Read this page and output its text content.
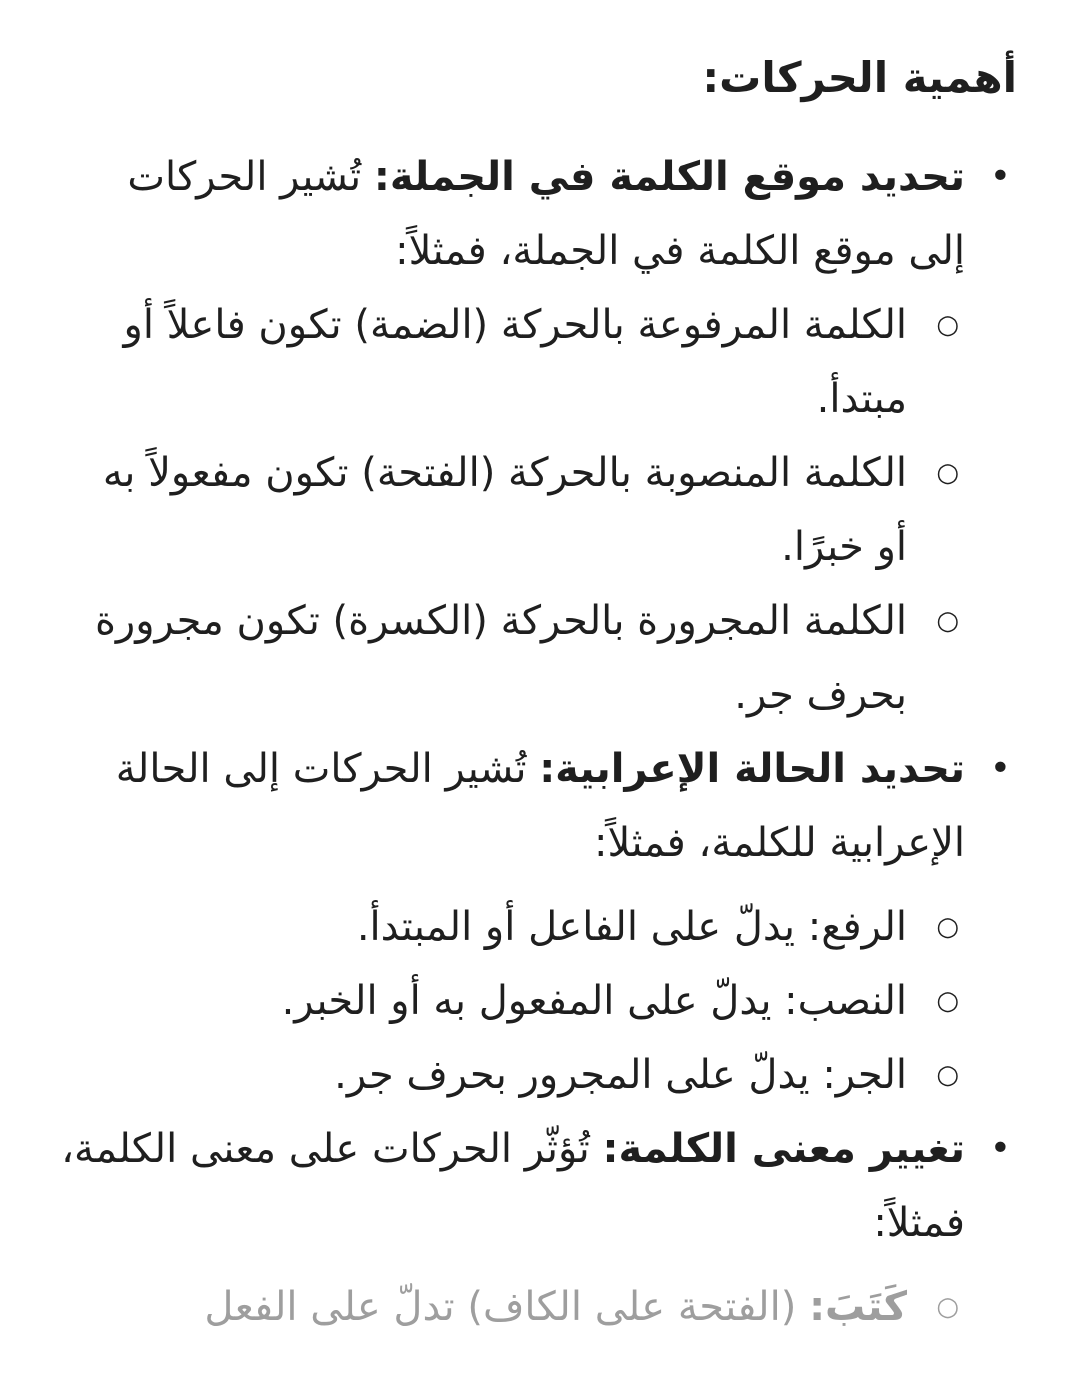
أهمية الحركات:
•
تحديد موقع الكلمة في الجملة: تُشير الحركات إلى موقع الكلمة في الجملة، فمثلاً:
○
الكلمة المرفوعة بالحركة (الضمة) تكون فاعلاً أو مبتدأ.
○
الكلمة المنصوبة بالحركة (الفتحة) تكون مفعولاً به أو خبرًا.
○
الكلمة المجرورة بالحركة (الكسرة) تكون مجرورة بحرف جر.
•
تحديد الحالة الإعرابية: تُشير الحركات إلى الحالة الإعرابية للكلمة، فمثلاً:
○
الرفع: يدلّ على الفاعل أو المبتدأ.
○
النصب: يدلّ على المفعول به أو الخبر.
○
الجر: يدلّ على المجرور بحرف جر.
•
تغيير معنى الكلمة: تُؤثّر الحركات على معنى الكلمة، فمثلاً:
○
كَتَبَ: (الفتحة على الكاف) تدلّ على الفعل
